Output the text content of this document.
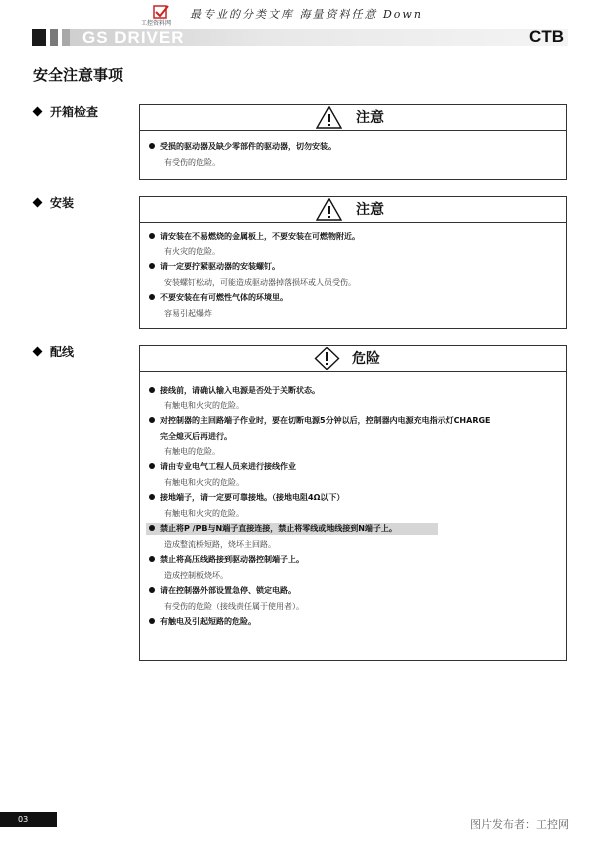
工控资料网
最专业的分类文库 海量资料任意 Down
GS DRIVER	CTB
安全注意事项
开箱检查	注意
受损的驱动器及缺少零部件的驱动器，切勿安装。
有受伤的危险。
安装	注意
请安装在不易燃烧的金属板上，不要安装在可燃物附近。
有火灾的危险。
请一定要拧紧驱动器的安装螺钉。
安装螺钉松动，可能造成驱动器掉落损坏或人员受伤。
不要安装在有可燃性气体的环境里。
容易引起爆炸
配线	危险
接线前，请确认输入电源是否处于关断状态。
有触电和火灾的危险。
对控制器的主回路端子作业时，要在切断电源5分钟以后，控制器内电源充电指示灯CHARGE
完全熄灭后再进行。
有触电的危险。
请由专业电气工程人员来进行接线作业
有触电和火灾的危险。
接地端子，请一定要可靠接地。（接地电阻4Ω以下）
有触电和火灾的危险。
禁止将P /PB与N端子直接连接，禁止将零线或地线接到N端子上。
造成整流桥短路，烧坏主回路。
禁止将高压线路接到驱动器控制端子上。
造成控制板烧坏。
请在控制器外部设置急停、锁定电路。
有受伤的危险（接线责任属于使用者）。
有触电及引起短路的危险。
03	图片发布者：工控网
